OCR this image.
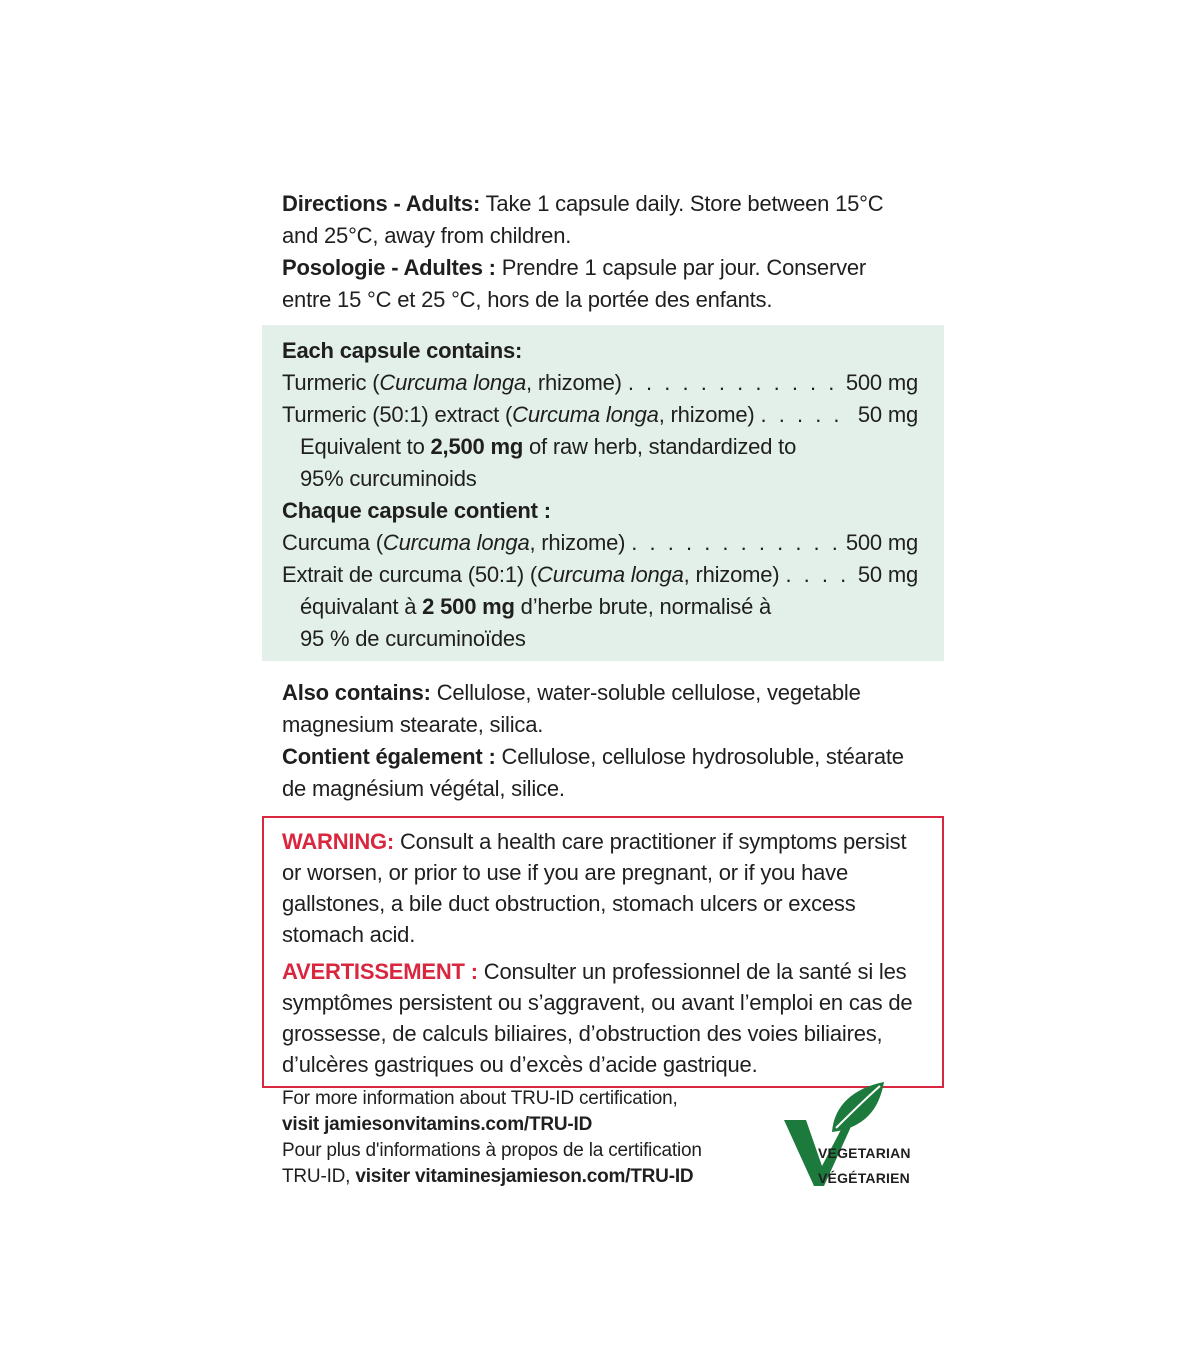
Directions - Adults: Take 1 capsule daily. Store between 15°C
and 25°C, away from children.
Posologie - Adultes : Prendre 1 capsule par jour. Conserver
entre 15 °C et 25 °C, hors de la portée des enfants.
Each capsule contains:
Turmeric (Curcuma longa, rhizome) . . .	500 mg
Turmeric (50:1) extract (Curcuma longa, rhizome) . . .	50 mg
Equivalent to 2,500 mg of raw herb, standardized to
95% curcuminoids
Chaque capsule contient :
Curcuma (Curcuma longa, rhizome) . . .	500 mg
Extrait de curcuma (50:1) (Curcuma longa, rhizome) . . .	50 mg
équivalant à 2 500 mg d’herbe brute, normalisé à
95 % de curcuminoïdes
Also contains: Cellulose, water-soluble cellulose, vegetable
magnesium stearate, silica.
Contient également : Cellulose, cellulose hydrosoluble, stéarate
de magnésium végétal, silice.

WARNING: Consult a health care practitioner if symptoms persist or worsen, or prior to use if you are pregnant, or if you have gallstones, a bile duct obstruction, stomach ulcers or excess stomach acid.

AVERTISSEMENT : Consulter un professionnel de la santé si les symptômes persistent ou s’aggravent, ou avant l’emploi en cas de grossesse, de calculs biliaires, d’obstruction des voies biliaires, d’ulcères gastriques ou d’excès d’acide gastrique.

For more information about TRU-ID certification,
visit jamiesonvitamins.com/TRU-ID
Pour plus d'informations à propos de la certification
TRU-ID, visiter vitaminesjamieson.com/TRU-ID
VEGETARIAN
VÉGÉTARIEN
